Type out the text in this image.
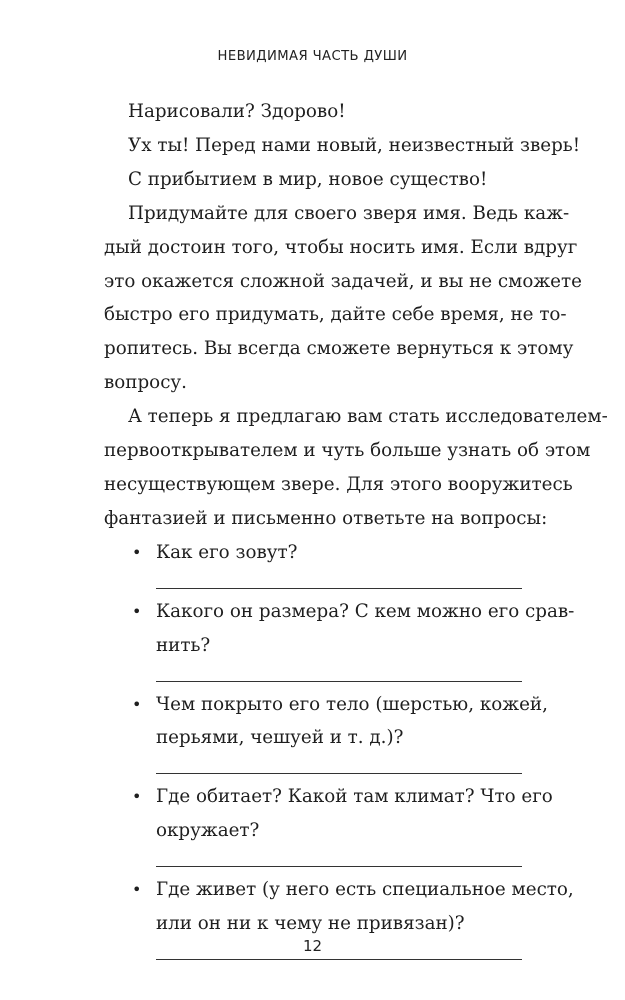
НЕВИДИМАЯ ЧАСТЬ ДУШИ

Нарисовали? Здорово!

Ух ты! Перед нами новый, неизвестный зверь!

С прибытием в мир, новое существо!

Придумайте для своего зверя имя. Ведь каж-
дый достоин того, чтобы носить имя. Если вдруг
это окажется сложной задачей, и вы не сможете
быстро его придумать, дайте себе время, не то-
ропитесь. Вы всегда сможете вернуться к этому
вопросу.

А теперь я предлагаю вам стать исследователем-
первооткрывателем и чуть больше узнать об этом
несуществующем звере. Для этого вооружитесь
фантазией и письменно ответьте на вопросы:

• Как его зовут?
• Какого он размера? С кем можно его срав-
нить?
• Чем покрыто его тело (шерстью, кожей,
перьями, чешуей и т. д.)?
• Где обитает? Какой там климат? Что его
окружает?
• Где живет (у него есть специальное место,
или он ни к чему не привязан)?
12
